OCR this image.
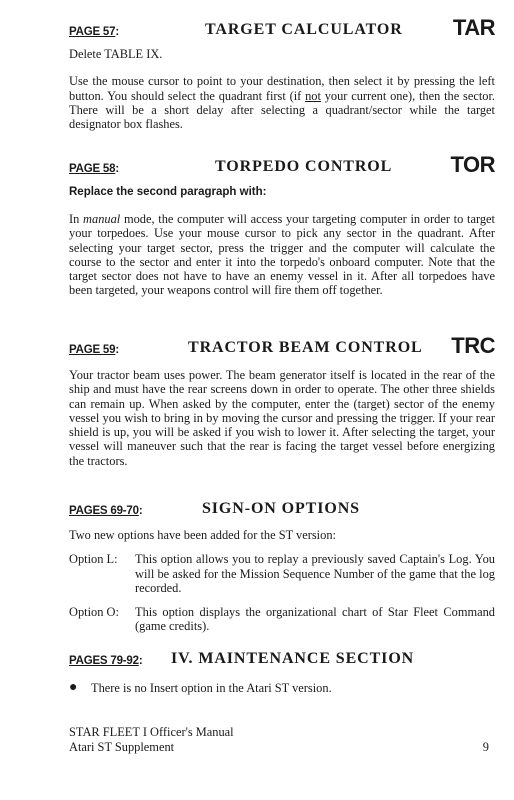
PAGE 57:	TARGET CALCULATOR TAR

Delete TABLE IX.

Use the mouse cursor to point to your destination, then select it by pressing the left button. You should select the quadrant first (if not your current one), then the sector. There will be a short delay after selecting a quadrant/sector while the target designator box flashes.

PAGE 58:	TORPEDO CONTROL	TOR
Replace the second paragraph with:

In manual mode, the computer will access your targeting computer in order to target your torpedoes. Use your mouse cursor to pick any sector in the quadrant. After selecting your target sector, press the trigger and the computer will calculate the course to the sector and enter it into the torpedo's onboard computer. Note that the target sector does not have to have an enemy vessel in it. After all torpedoes have been targeted, your weapons control will fire them off together.

PAGE 59:	TRACTOR BEAM CONTROL TRC

Your tractor beam uses power. The beam generator itself is located in the rear of the ship and must have the rear screens down in order to operate. The other three shields can remain up. When asked by the computer, enter the (target) sector of the enemy vessel you wish to bring in by moving the cursor and pressing the trigger. If your rear shield is up, you will be asked if you wish to lower it. After selecting the target, your vessel will maneuver such that the rear is facing the target vessel before energizing the tractors.

PAGES 69-70:	SIGN-ON OPTIONS

Two new options have been added for the ST version:

Option L:	This option allows you to replay a previously saved Captain's Log. You will be asked for the Mission Sequence Number of the game that the log recorded.
Option O:	This option displays the organizational chart of Star Fleet Command (game credits).
PAGES 79-92: IV. MAINTENANCE SECTION
●	There is no Insert option in the Atari ST version.
STAR FLEET I Officer's Manual
Atari ST Supplement	9
